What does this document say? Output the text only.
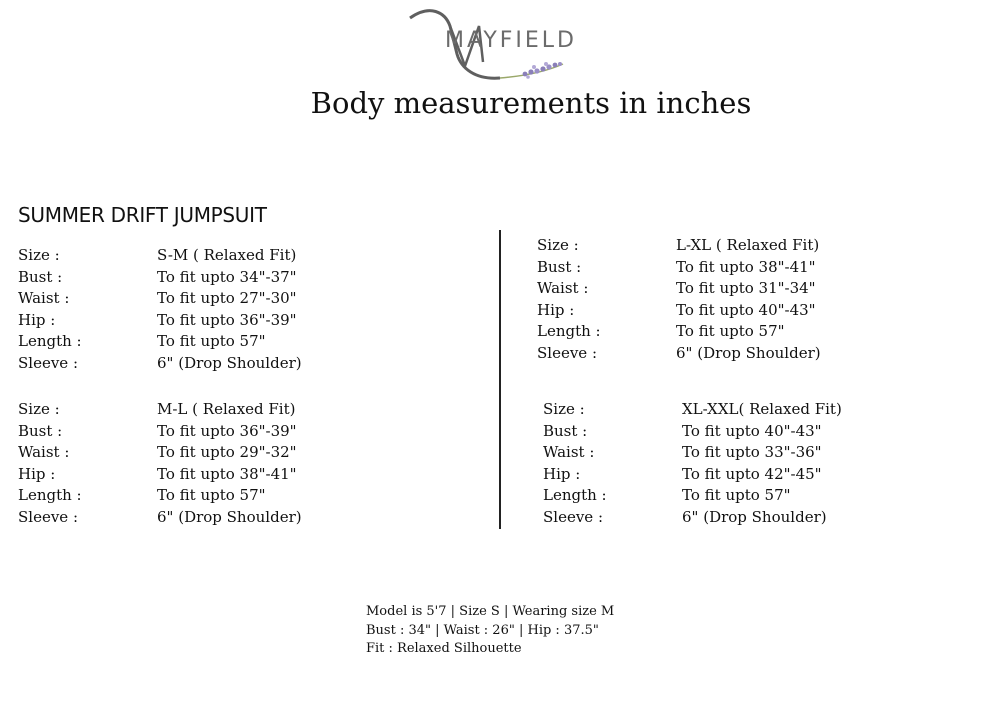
MAYFIELD
Body measurements in inches
SUMMER DRIFT JUMPSUIT
Size :	S-M ( Relaxed Fit)
Bust :	To fit upto 34"-37"
Waist :	To fit upto 27"-30"
Hip :	To fit upto 36"-39"
Length :	To fit upto 57"
Sleeve :	6" (Drop Shoulder)
Size :	M-L ( Relaxed Fit)
Bust :	To fit upto 36"-39"
Waist :	To fit upto 29"-32"
Hip :	To fit upto 38"-41"
Length :	To fit upto 57"
Sleeve :	6" (Drop Shoulder)
Size :	L-XL ( Relaxed Fit)
Bust :	To fit upto 38"-41"
Waist :	To fit upto 31"-34"
Hip :	To fit upto 40"-43"
Length :	To fit upto 57"
Sleeve :	6" (Drop Shoulder)
Size :	XL-XXL( Relaxed Fit)
Bust :	To fit upto 40"-43"
Waist :	To fit upto 33"-36"
Hip :	To fit upto 42"-45"
Length :	To fit upto 57"
Sleeve :	6" (Drop Shoulder)
Model is 5'7 | Size S | Wearing size M
Bust : 34" | Waist : 26" | Hip : 37.5"
Fit : Relaxed Silhouette
